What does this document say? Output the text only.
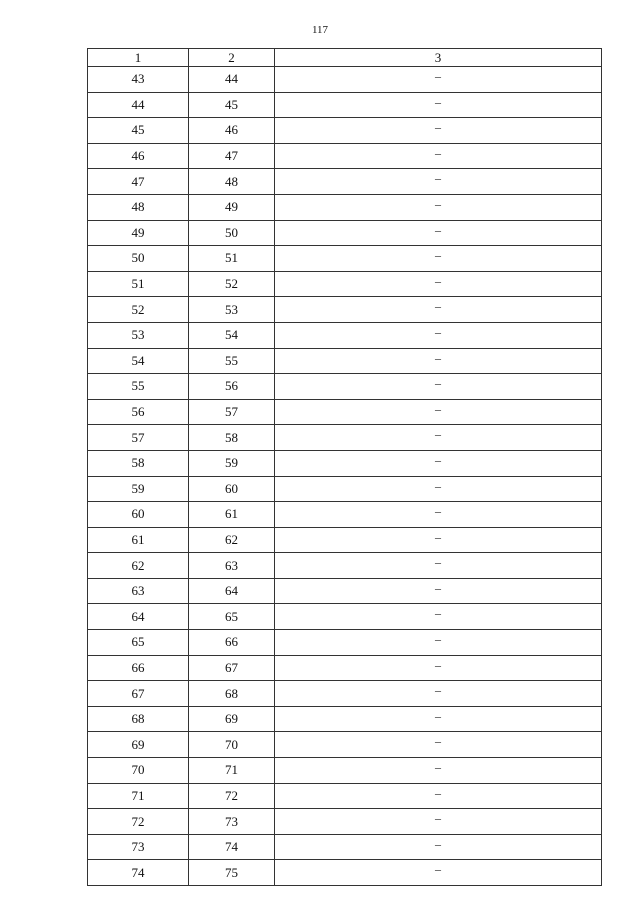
117
1	2	3
43	44	–
44	45	–
45	46	–
46	47	–
47	48	–
48	49	–
49	50	–
50	51	–
51	52	–
52	53	–
53	54	–
54	55	–
55	56	–
56	57	–
57	58	–
58	59	–
59	60	–
60	61	–
61	62	–
62	63	–
63	64	–
64	65	–
65	66	–
66	67	–
67	68	–
68	69	–
69	70	–
70	71	–
71	72	–
72	73	–
73	74	–
74	75	–
